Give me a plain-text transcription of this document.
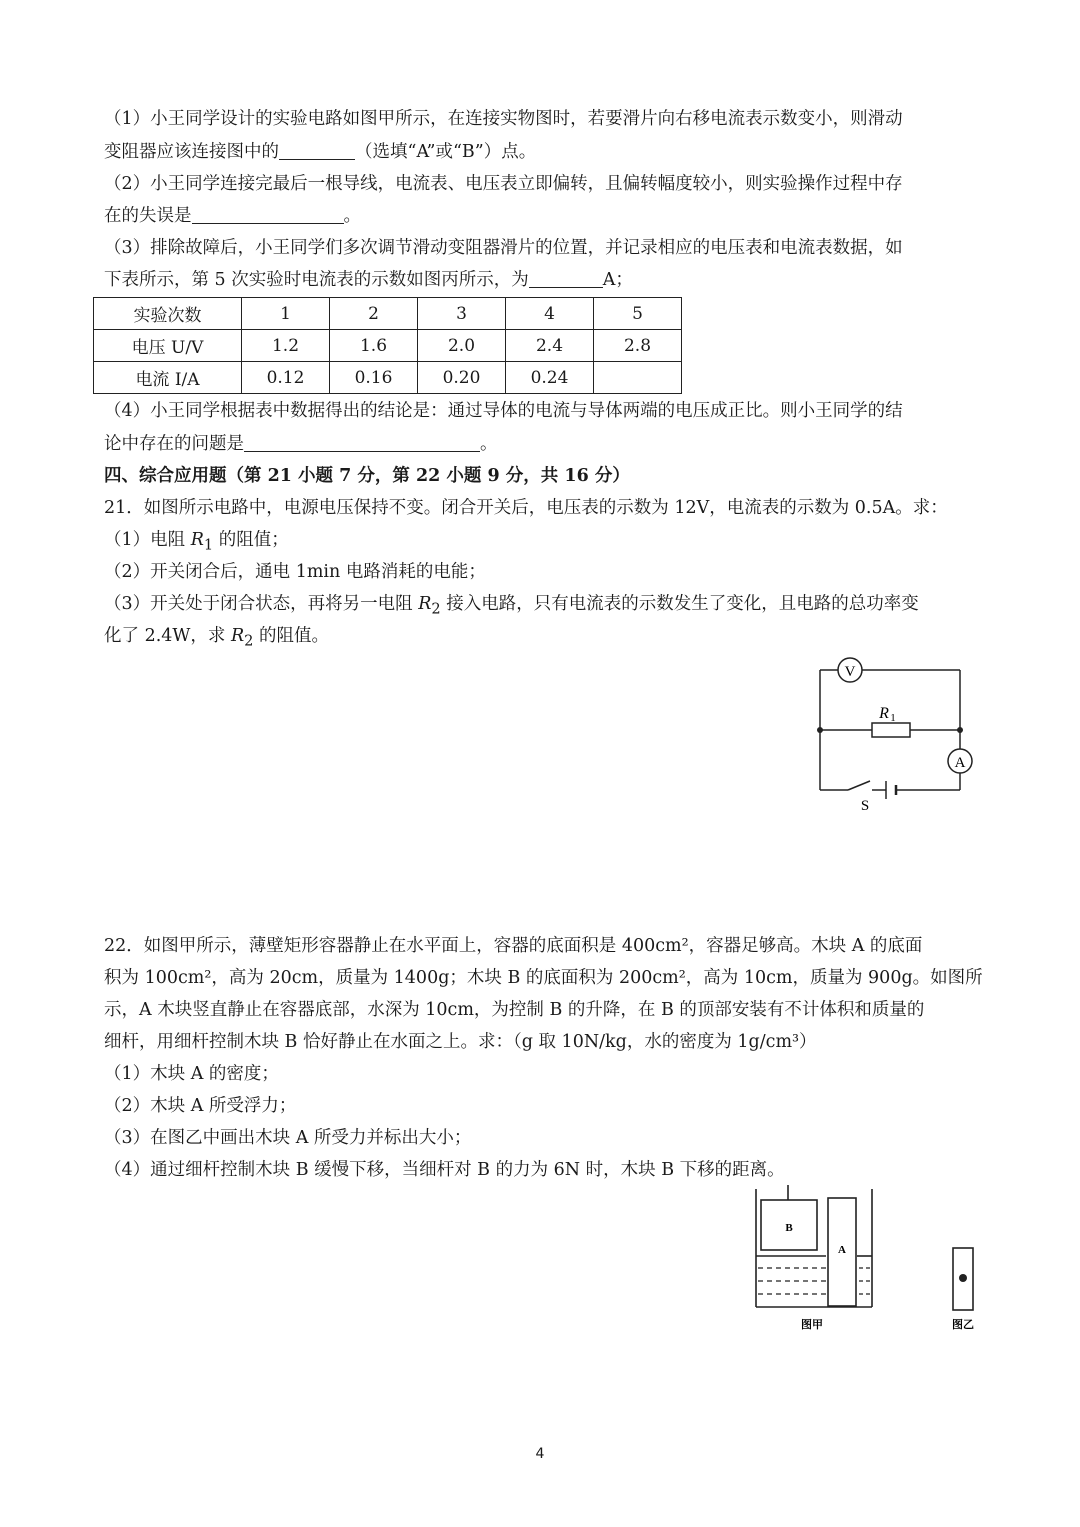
（1）小王同学设计的实验电路如图甲所示，在连接实物图时，若要滑片向右移电流表示数变小，则滑动
变阻器应该连接图中的	（选填“A”或“B”）点。
（2）小王同学连接完最后一根导线，电流表、电压表立即偏转，且偏转幅度较小，则实验操作过程中存
在的失误是	。
（3）排除故障后，小王同学们多次调节滑动变阻器滑片的位置，并记录相应的电压表和电流表数据，如
下表所示，第 5 次实验时电流表的示数如图丙所示，为	A；
实验次数	1	2	3	4	5
电压 U/V	1.2	1.6	2.0	2.4	2.8
电流 I/A	0.12	0.16	0.20	0.24	
（4）小王同学根据表中数据得出的结论是：通过导体的电流与导体两端的电压成正比。则小王同学的结
论中存在的问题是	。
四、综合应用题（第 21 小题 7 分，第 22 小题 9 分，共 16 分）
21．如图所示电路中，电源电压保持不变。闭合开关后，电压表的示数为 12V，电流表的示数为 0.5A。求：
（1）电阻 $R_1$ 的阻值；
（2）开关闭合后，通电 1min 电路消耗的电能；
（3）开关处于闭合状态，再将另一电阻 $R_2$ 接入电路，只有电流表的示数发生了变化，且电路的总功率变
化了 2.4W，求 $R_2$ 的阻值。
V
A
R 1
S
22．如图甲所示，薄壁矩形容器静止在水平面上，容器的底面积是 400cm²，容器足够高。木块 A 的底面
积为 100cm²，高为 20cm，质量为 1400g；木块 B 的底面积为 200cm²，高为 10cm，质量为 900g。如图所
示，A 木块竖直静止在容器底部，水深为 10cm，为控制 B 的升降，在 B 的顶部安装有不计体积和质量的
细杆，用细杆控制木块 B 恰好静止在水面之上。求：（g 取 10N/kg，水的密度为 1g/cm³）
（1）木块 A 的密度；
（2）木块 A 所受浮力；
（3）在图乙中画出木块 A 所受力并标出大小；
（4）通过细杆控制木块 B 缓慢下移，当细杆对 B 的力为 6N 时，木块 B 下移的距离。
B
A
图甲	图乙
4
